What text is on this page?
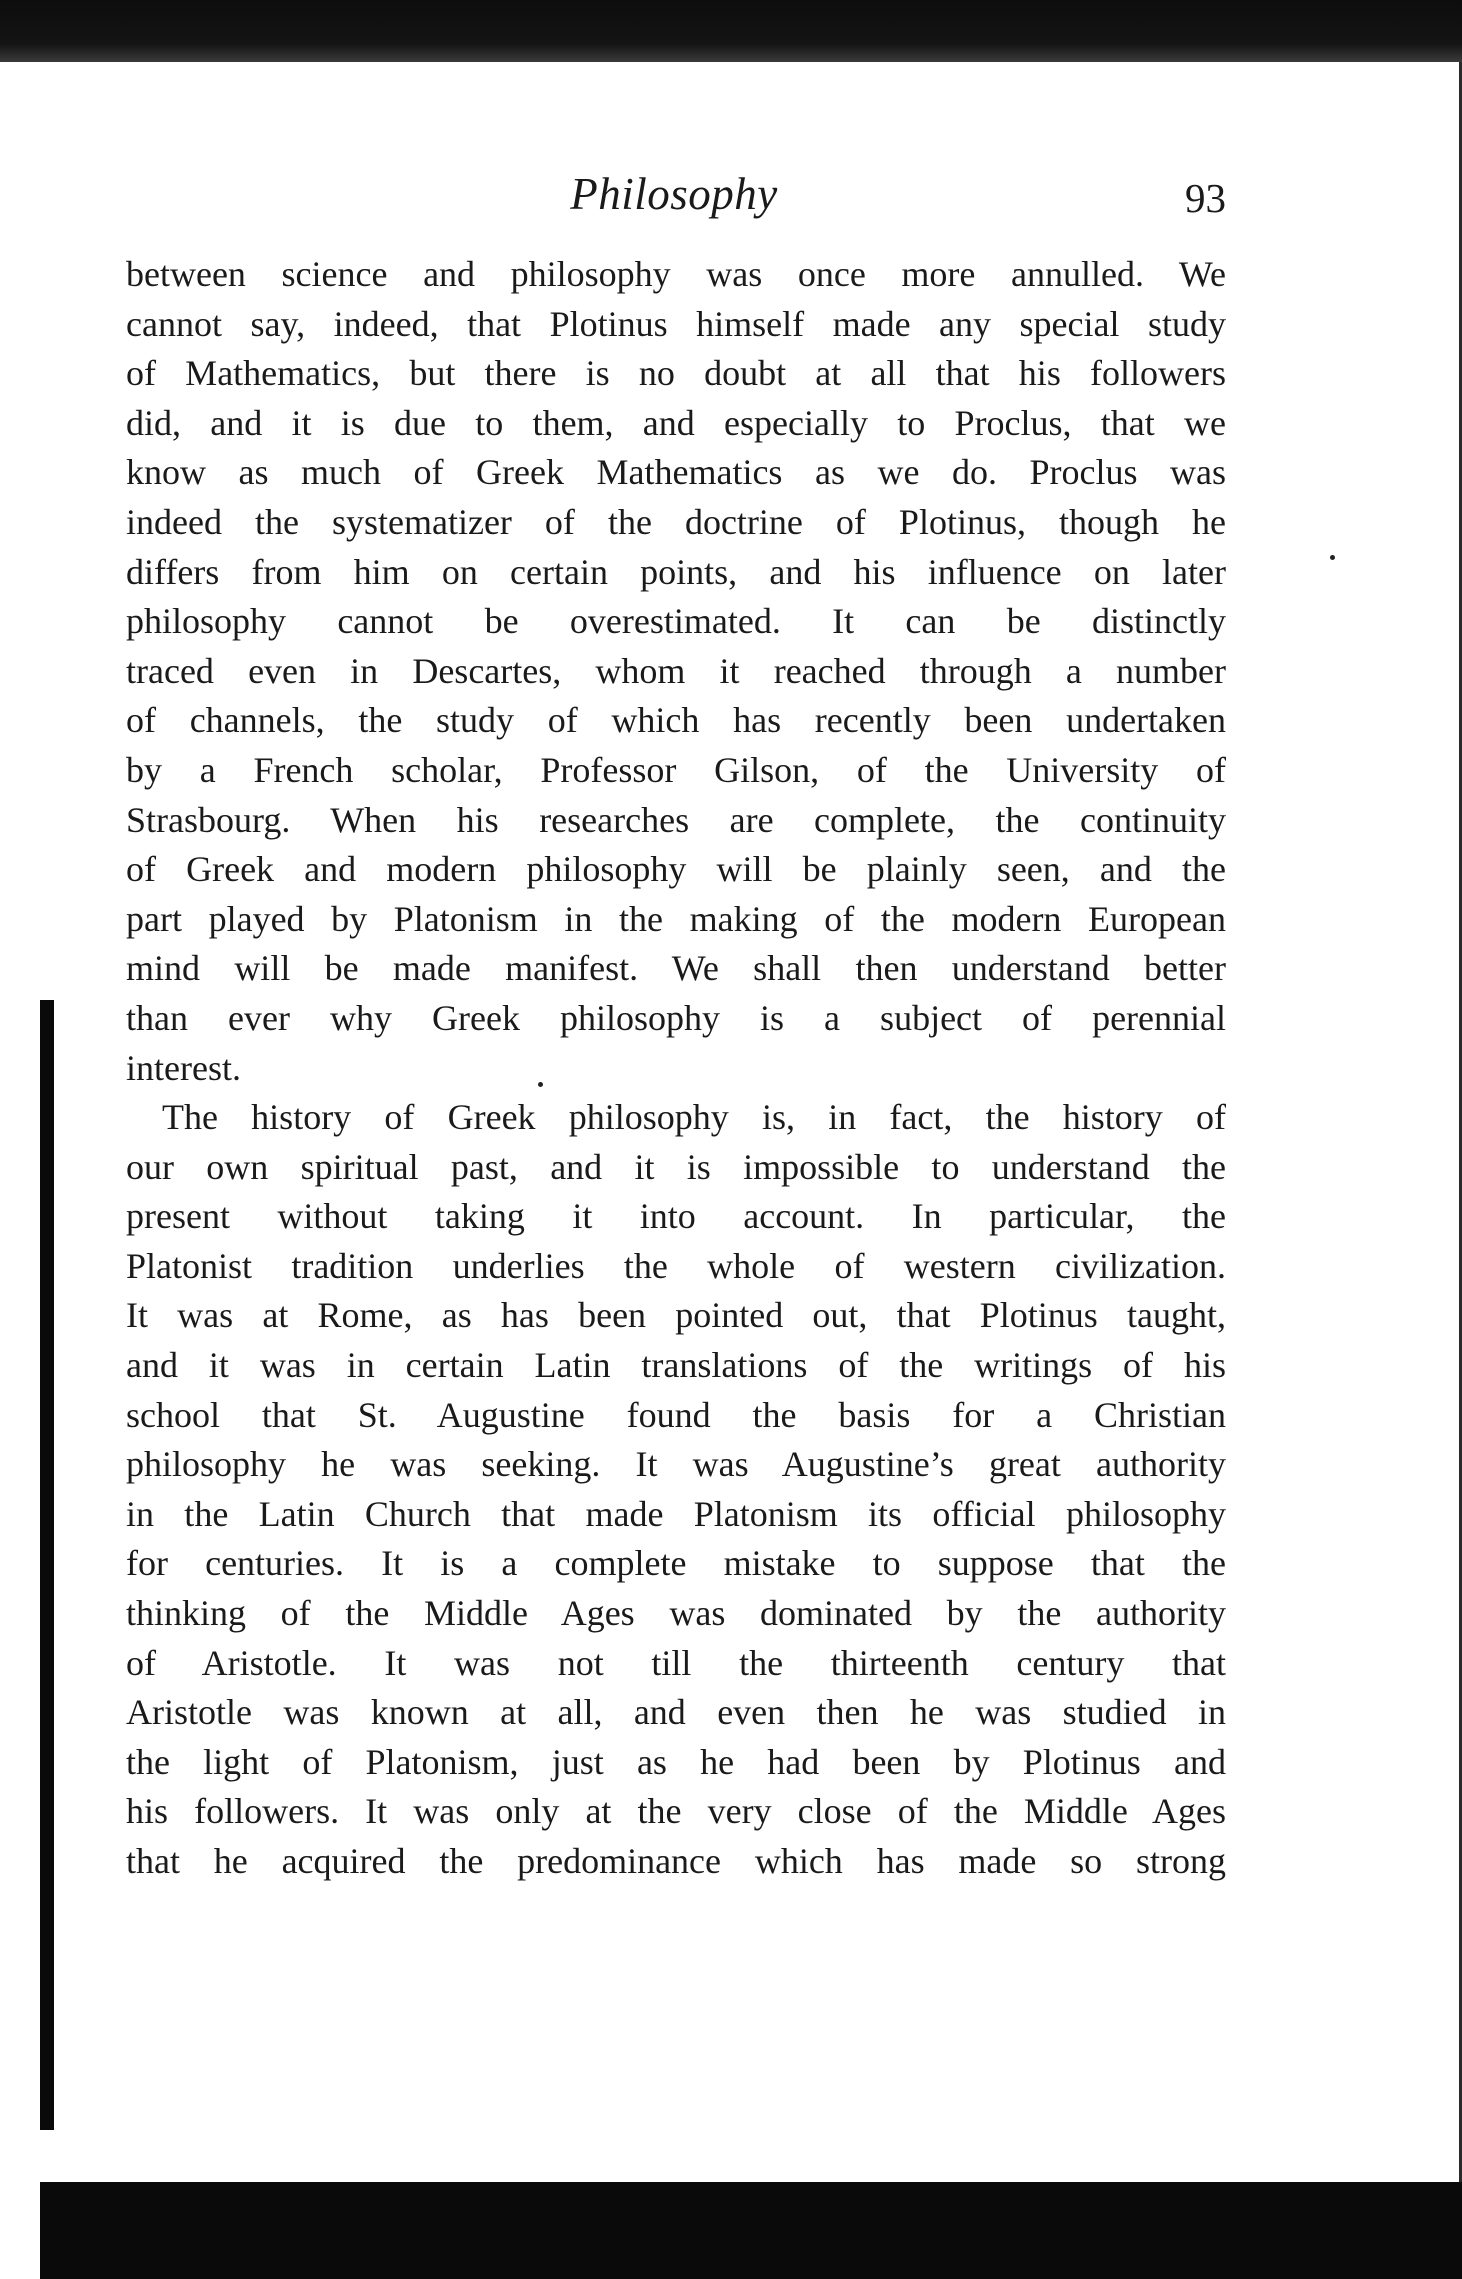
Philosophy	93
between science and philosophy was once more annulled. We
cannot say, indeed, that Plotinus himself made any special study
of Mathematics, but there is no doubt at all that his followers
did, and it is due to them, and especially to Proclus, that we
know as much of Greek Mathematics as we do. Proclus was
indeed the systematizer of the doctrine of Plotinus, though he
differs from him on certain points, and his influence on later
philosophy cannot be overestimated. It can be distinctly
traced even in Descartes, whom it reached through a number
of channels, the study of which has recently been undertaken
by a French scholar, Professor Gilson, of the University of
Strasbourg. When his researches are complete, the continuity
of Greek and modern philosophy will be plainly seen, and the
part played by Platonism in the making of the modern European
mind will be made manifest. We shall then understand better
than ever why Greek philosophy is a subject of perennial
interest.
The history of Greek philosophy is, in fact, the history of
our own spiritual past, and it is impossible to understand the
present without taking it into account. In particular, the
Platonist tradition underlies the whole of western civilization.
It was at Rome, as has been pointed out, that Plotinus taught,
and it was in certain Latin translations of the writings of his
school that St. Augustine found the basis for a Christian
philosophy he was seeking. It was Augustine’s great authority
in the Latin Church that made Platonism its official philosophy
for centuries. It is a complete mistake to suppose that the
thinking of the Middle Ages was dominated by the authority
of Aristotle. It was not till the thirteenth century that
Aristotle was known at all, and even then he was studied in
the light of Platonism, just as he had been by Plotinus and
his followers. It was only at the very close of the Middle Ages
that he acquired the predominance which has made so strong
